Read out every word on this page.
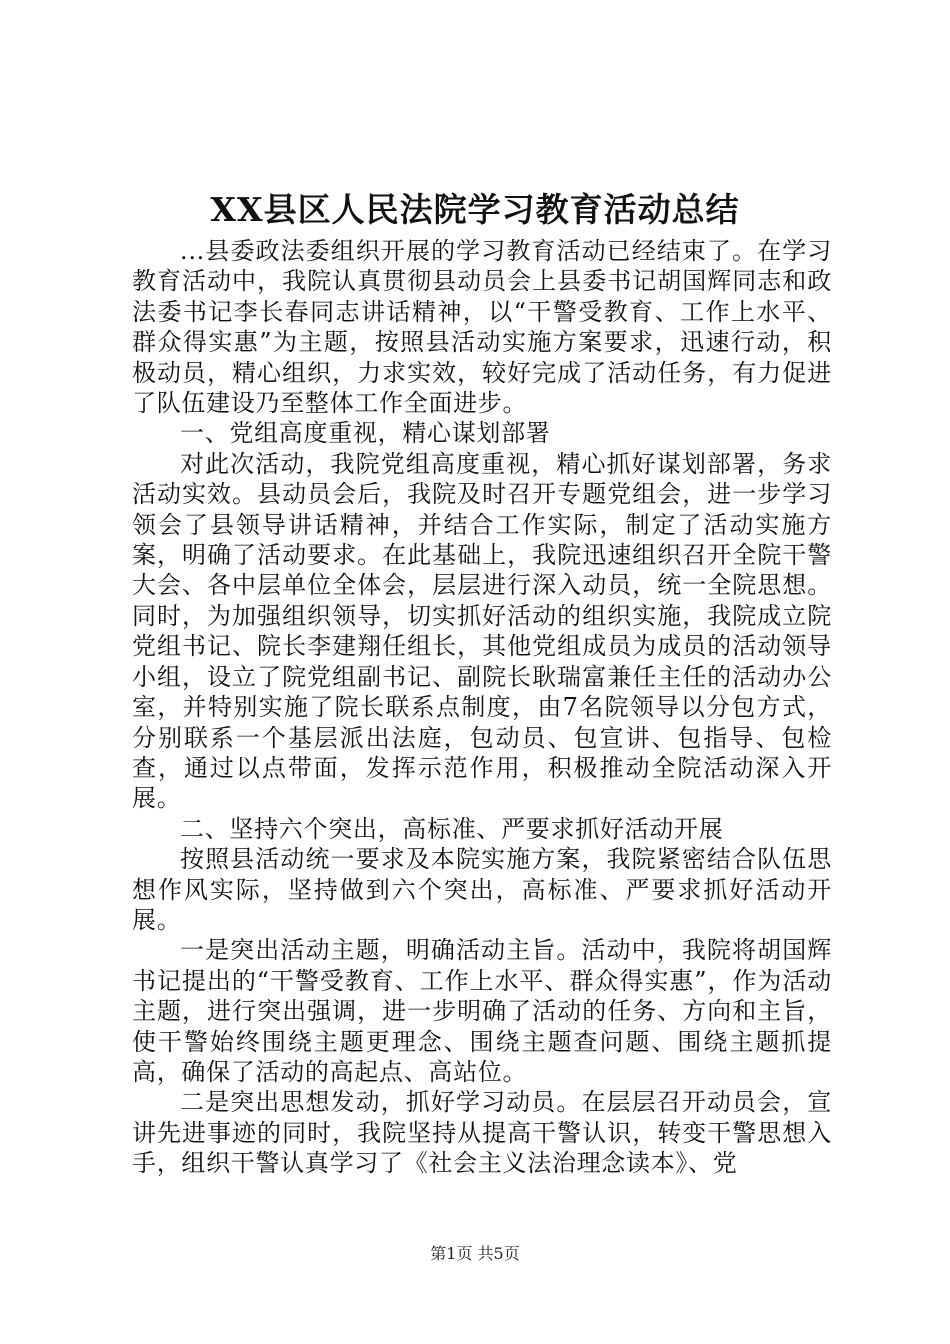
XX县区人民法院学习教育活动总结

...县委政法委组织开展的学习教育活动已经结束了。在学习教育活动中，我院认真贯彻县动员会上县委书记胡国辉同志和政法委书记李长春同志讲话精神，以“干警受教育、工作上水平、群众得实惠”为主题，按照县活动实施方案要求，迅速行动，积极动员，精心组织，力求实效，较好完成了活动任务，有力促进了队伍建设乃至整体工作全面进步。

一、党组高度重视，精心谋划部署

对此次活动，我院党组高度重视，精心抓好谋划部署，务求活动实效。县动员会后，我院及时召开专题党组会，进一步学习领会了县领导讲话精神，并结合工作实际，制定了活动实施方案，明确了活动要求。在此基础上，我院迅速组织召开全院干警大会、各中层单位全体会，层层进行深入动员，统一全院思想。同时，为加强组织领导，切实抓好活动的组织实施，我院成立院党组书记、院长李建翔任组长，其他党组成员为成员的活动领导小组，设立了院党组副书记、副院长耿瑞富兼任主任的活动办公室，并特别实施了院长联系点制度，由7名院领导以分包方式，分别联系一个基层派出法庭，包动员、包宣讲、包指导、包检查，通过以点带面，发挥示范作用，积极推动全院活动深入开展。

二、坚持六个突出，高标准、严要求抓好活动开展

按照县活动统一要求及本院实施方案，我院紧密结合队伍思想作风实际，坚持做到六个突出，高标准、严要求抓好活动开展。

一是突出活动主题，明确活动主旨。活动中，我院将胡国辉书记提出的“干警受教育、工作上水平、群众得实惠”，作为活动主题，进行突出强调，进一步明确了活动的任务、方向和主旨，使干警始终围绕主题更理念、围绕主题查问题、围绕主题抓提高，确保了活动的高起点、高站位。

二是突出思想发动，抓好学习动员。在层层召开动员会，宣讲先进事迹的同时，我院坚持从提高干警认识，转变干警思想入手，组织干警认真学习了《社会主义法治理念读本》、党

第1页 共5页
